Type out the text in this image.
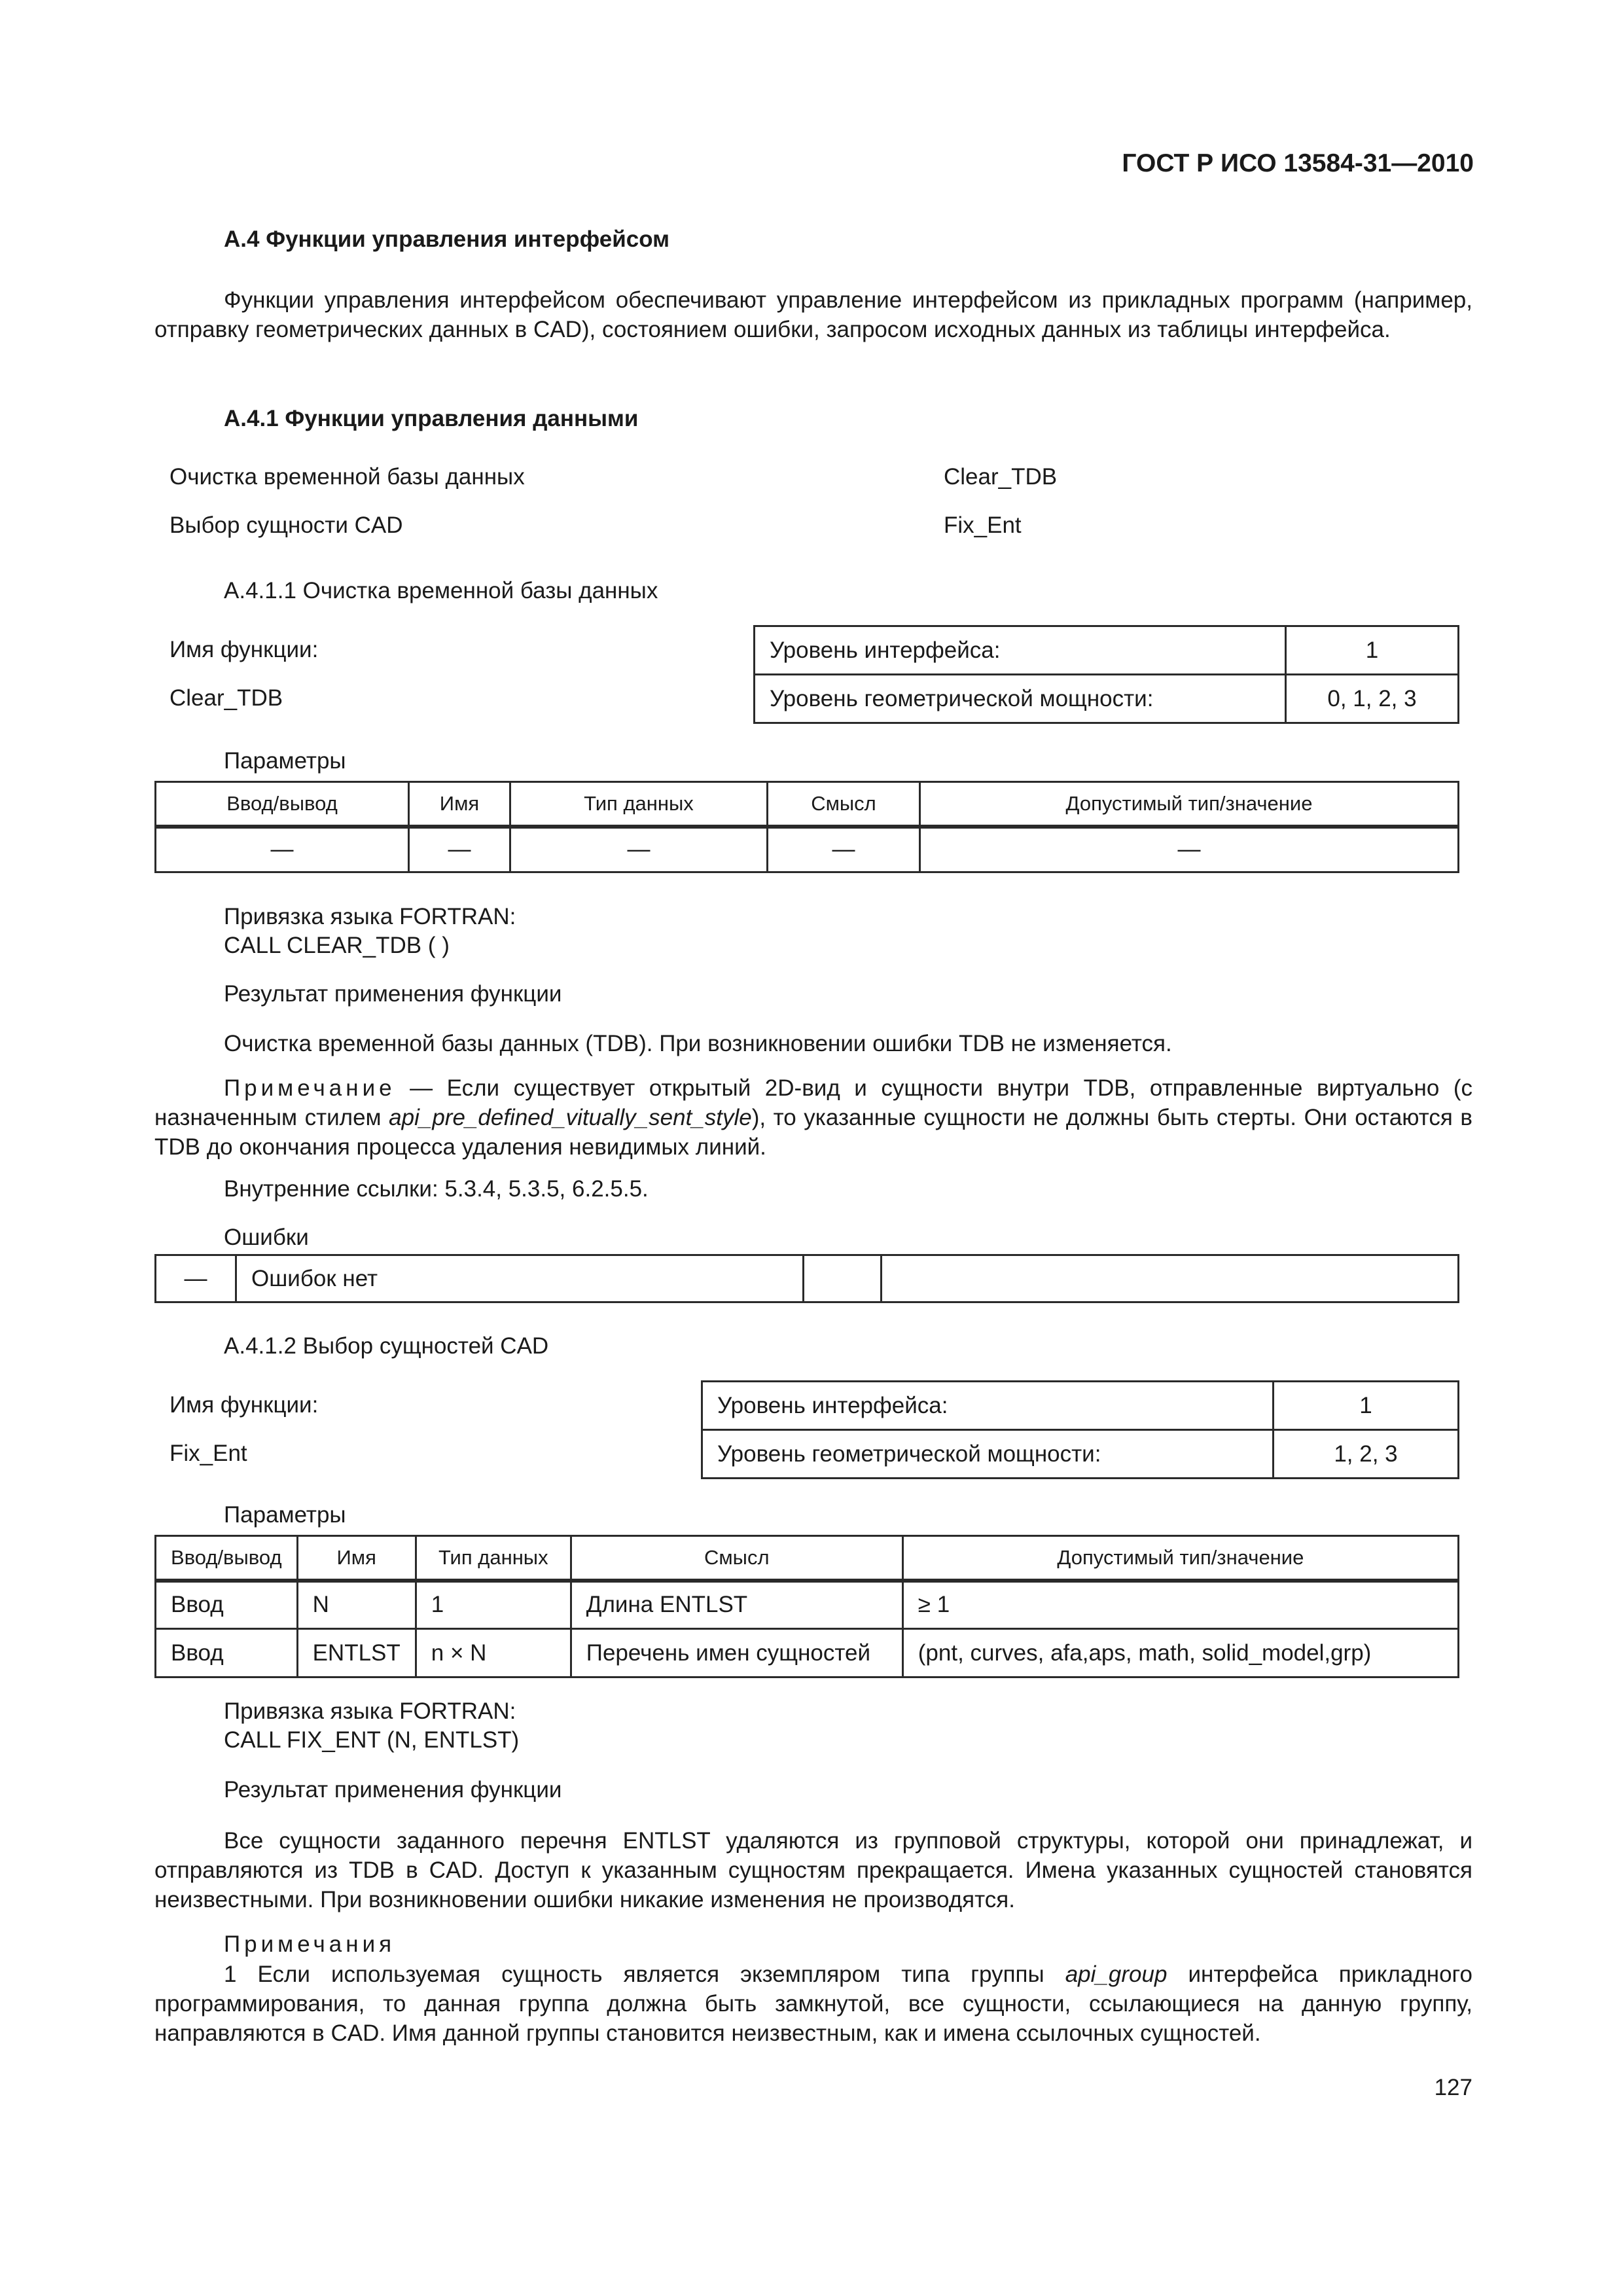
ГОСТ Р ИСО 13584-31—2010
А.4 Функции управления интерфейсом

Функции управления интерфейсом обеспечивают управление интерфейсом из прикладных программ (например, отправку геометрических данных в CAD), состоянием ошибки, запросом исходных данных из таблицы интерфейса.

А.4.1 Функции управления данными
Очистка временной базы данных	Clear_TDB
Выбор сущности CAD	Fix_Ent
А.4.1.1 Очистка временной базы данных
Имя функции:
Clear_TDB
Уровень интерфейса:	1
Уровень геометрической мощности:	0, 1, 2, 3
Параметры
Ввод/вывод	Имя	Тип данных	Смысл	Допустимый тип/значение
—	—	—	—	—
Привязка языка FORTRAN:
CALL CLEAR_TDB ( )
Результат применения функции
Очистка временной базы данных (TDB). При возникновении ошибки TDB не изменяется.

Примечание — Если существует открытый 2D-вид и сущности внутри TDB, отправленные виртуально (с назначенным стилем api_pre_defined_vitually_sent_style), то указанные сущности не должны быть стерты. Они остаются в TDB до окончания процесса удаления невидимых линий.

Внутренние ссылки: 5.3.4, 5.3.5, 6.2.5.5.
Ошибки
—	Ошибок нет		
А.4.1.2 Выбор сущностей CAD
Имя функции:
Fix_Ent
Уровень интерфейса:	1
Уровень геометрической мощности:	1, 2, 3
Параметры
Ввод/вывод	Имя	Тип данных	Смысл	Допустимый тип/значение
Ввод	N	1	Длина ENTLST	≥ 1
Ввод	ENTLST	n × N	Перечень имен сущностей	(pnt, curves, afa,aps, math, solid_model,grp)
Привязка языка FORTRAN:
CALL FIX_ENT (N, ENTLST)
Результат применения функции

Все сущности заданного перечня ENTLST удаляются из групповой структуры, которой они принадлежат, и отправляются из TDB в CAD. Доступ к указанным сущностям прекращается. Имена указанных сущностей становятся неизвестными. При возникновении ошибки никакие изменения не производятся.

Примечания

1 Если используемая сущность является экземпляром типа группы api_group интерфейса прикладного программирования, то данная группа должна быть замкнутой, все сущности, ссылающиеся на данную группу, направляются в CAD. Имя данной группы становится неизвестным, как и имена ссылочных сущностей.

127
